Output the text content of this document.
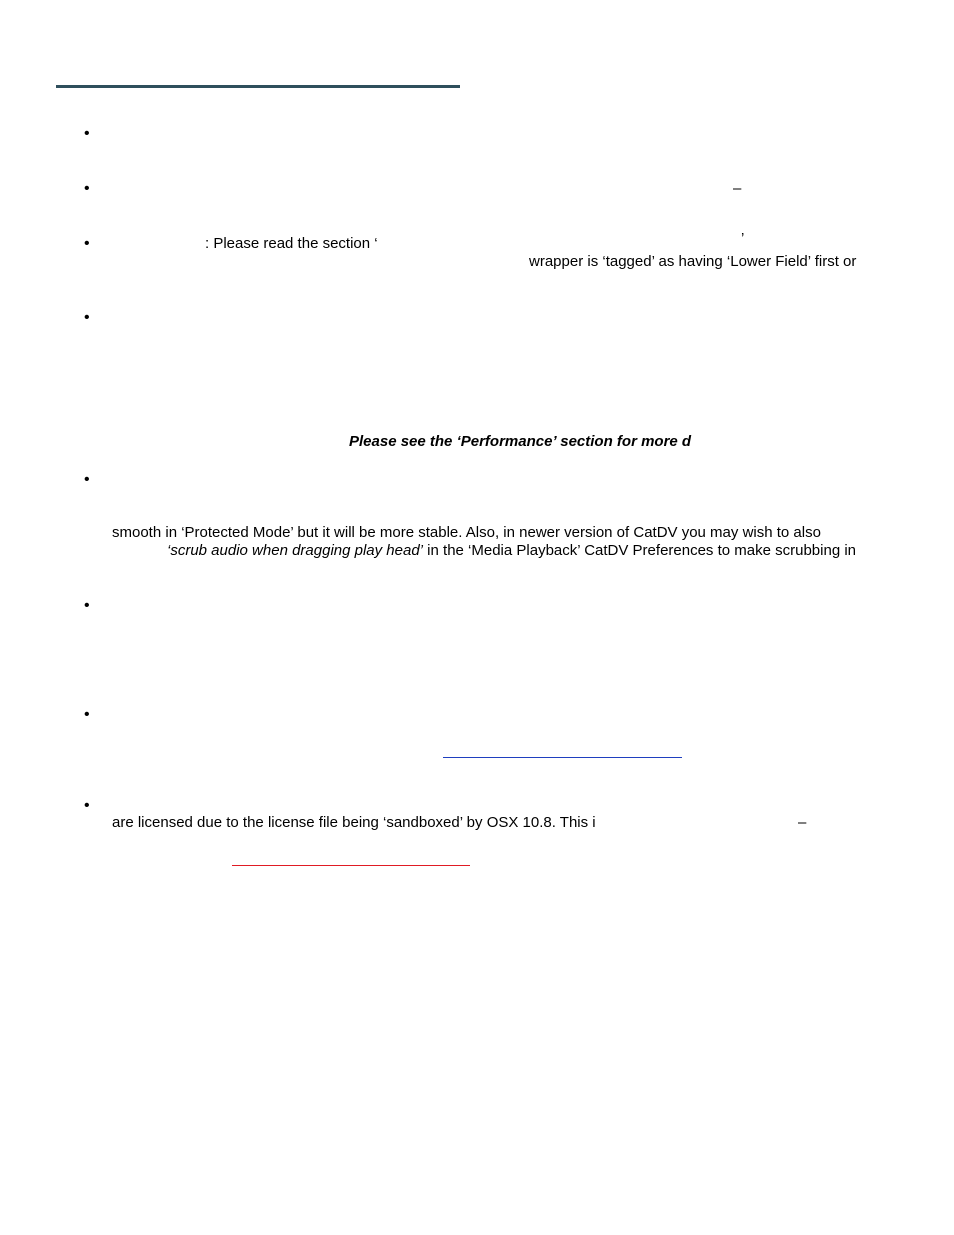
•
•
•
•
•
•
•
•
–
: Please read the section ‘	’
wrapper is ‘tagged’ as having ‘Lower Field’ first or
Please see the ‘Performance’ section for more d
smooth in ‘Protected Mode’ but it will be more stable. Also, in newer version of CatDV you may wish to also
‘scrub audio when dragging play head’ in the ‘Media Playback’ CatDV Preferences to make scrubbing in
are licensed due to the license file being ‘sandboxed’ by OSX 10.8. This i	–
